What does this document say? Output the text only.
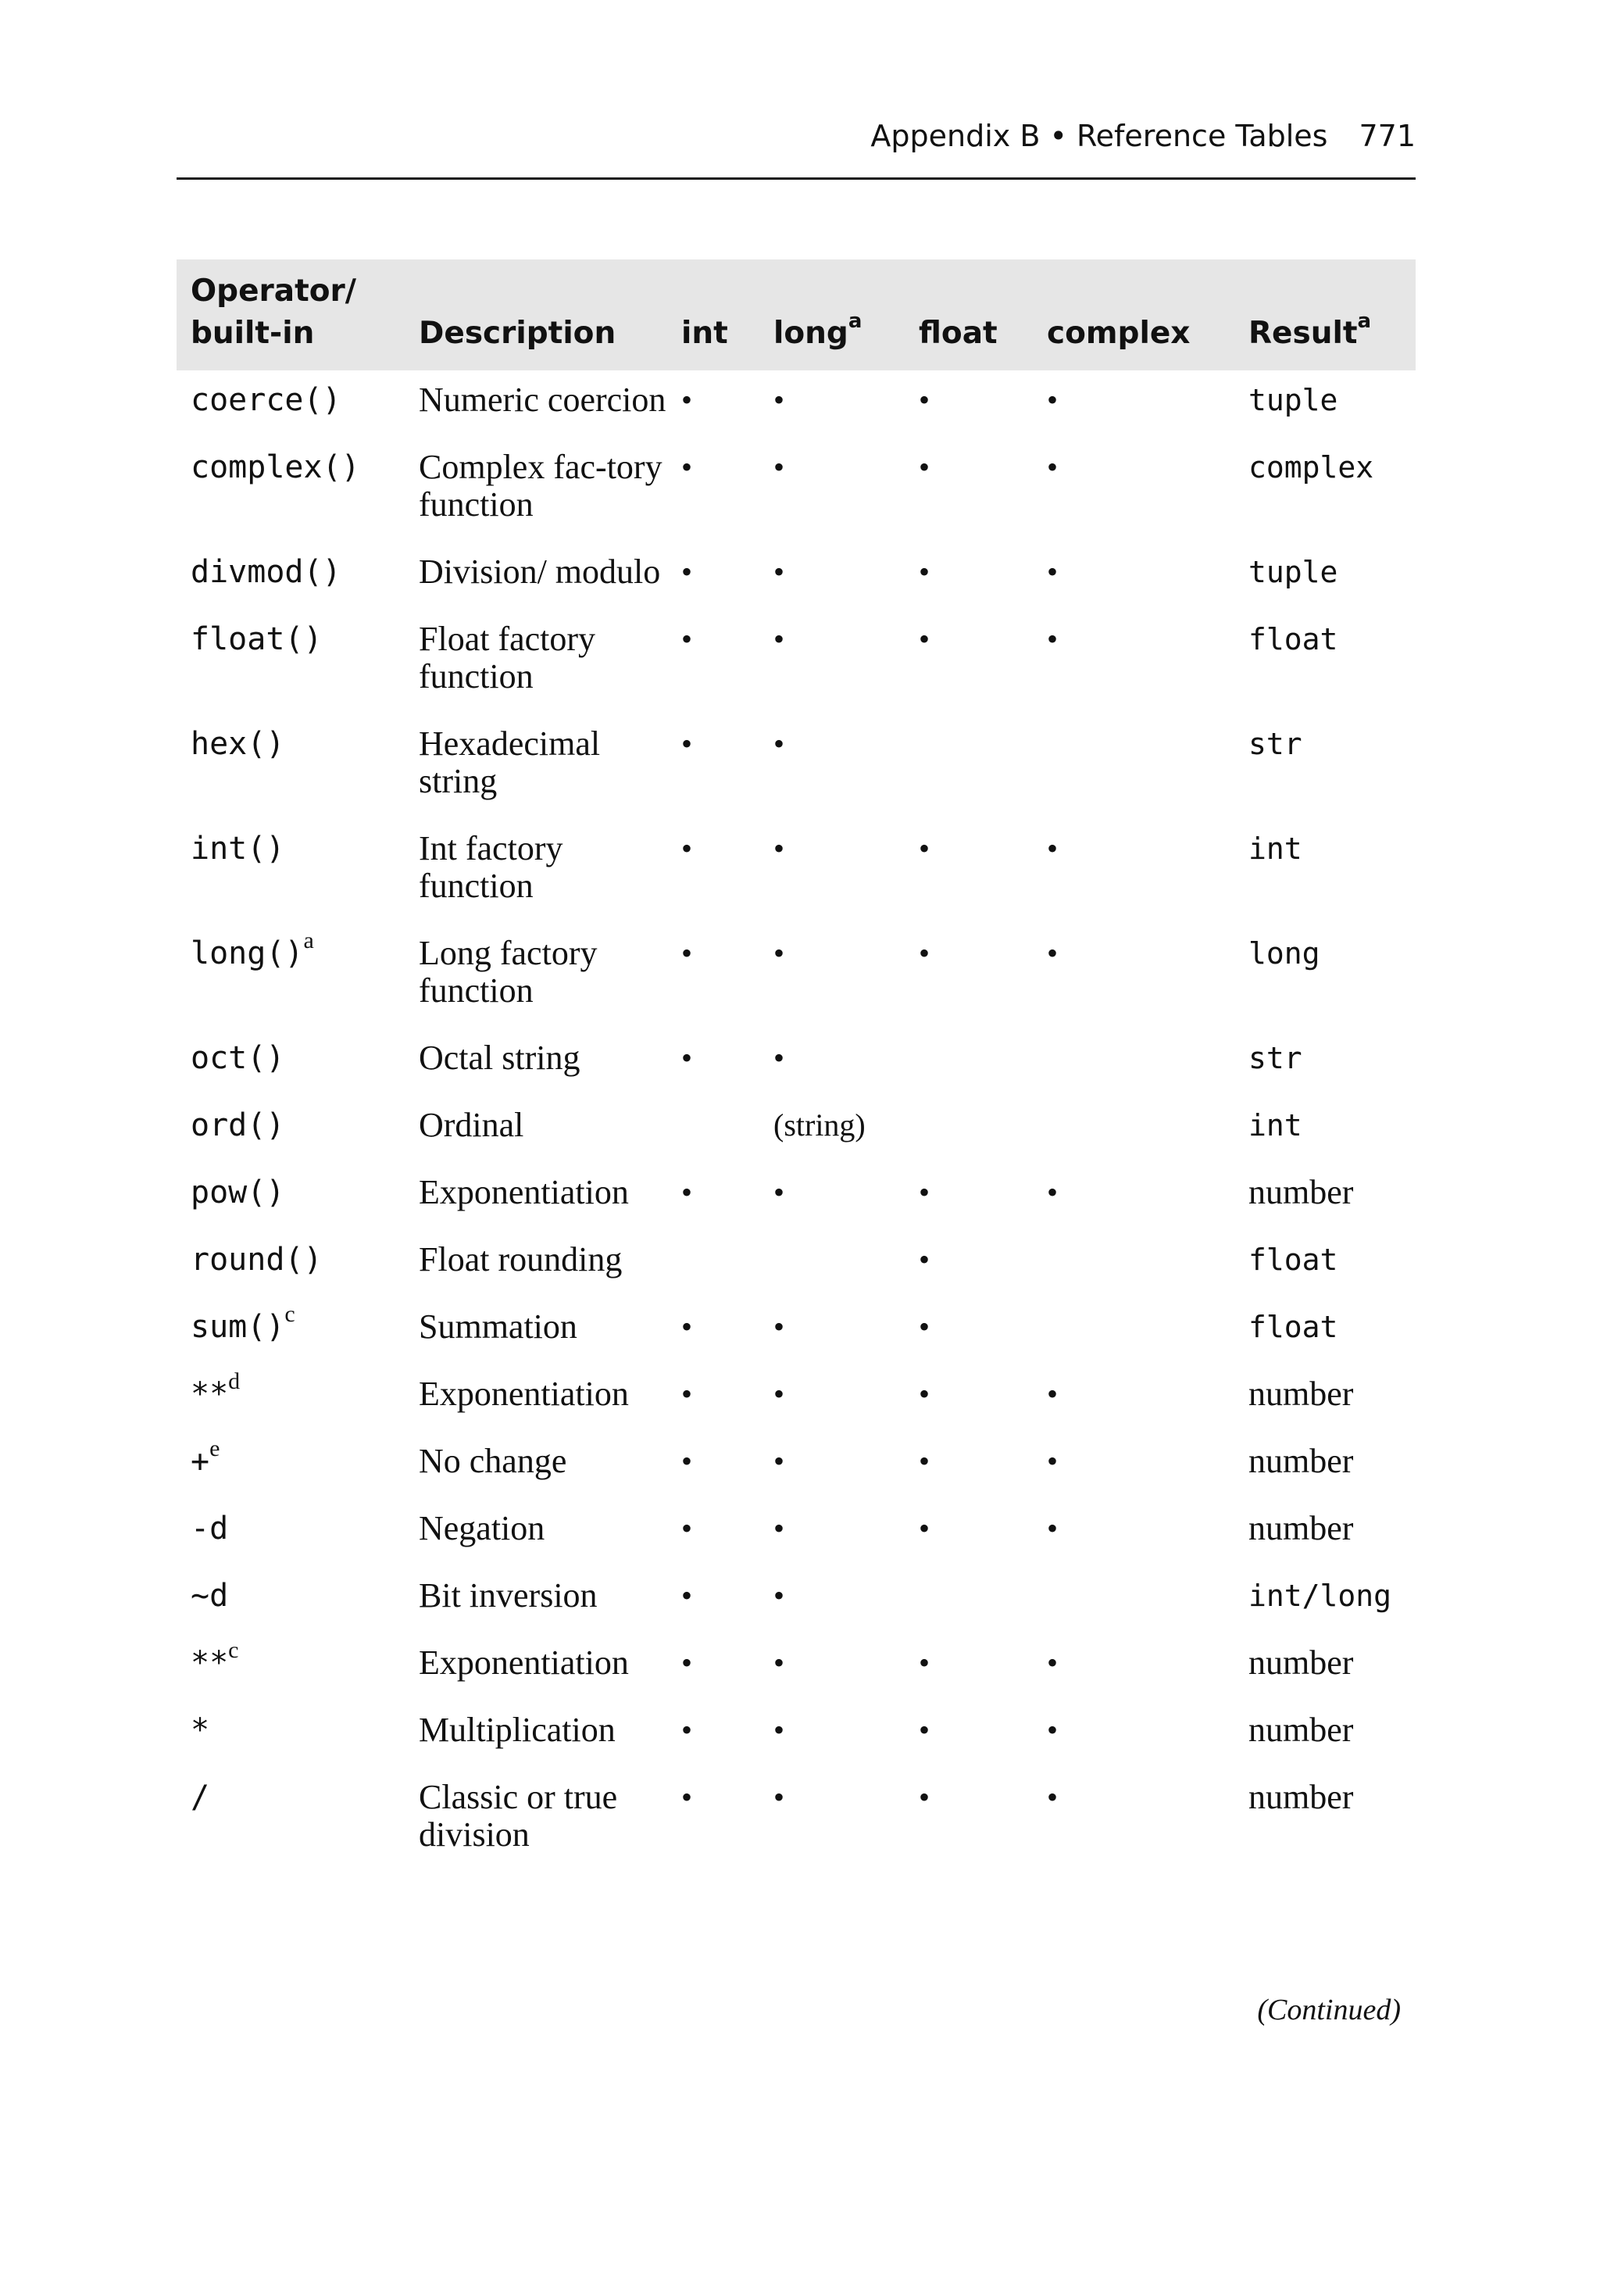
Appendix B • Reference Tables 771
Operator/ built-in	Description	int	long$^a$	float	complex	Result$^a$
coerce()	Numeric coercion	•	•	•	•	tuple
complex()	Complex fac-tory function	•	•	•	•	complex
divmod()	Division/ modulo	•	•	•	•	tuple
float()	Float factory function	•	•	•	•	float
hex()	Hexadecimal string	•	•			str
int()	Int factory function	•	•	•	•	int
long()$^a$	Long factory function	•	•	•	•	long
oct()	Octal string	•	•			str
ord()	Ordinal		(string)			int
pow()	Exponentiation	•	•	•	•	number
round()	Float rounding			•		float
sum()$^c$	Summation	•	•	•		float
**$^d$	Exponentiation	•	•	•	•	number
+$^e$	No change	•	•	•	•	number
-d	Negation	•	•	•	•	number
~d	Bit inversion	•	•			int/long
**$^c$	Exponentiation	•	•	•	•	number
*	Multiplication	•	•	•	•	number
/	Classic or true division	•	•	•	•	number
(Continued)
